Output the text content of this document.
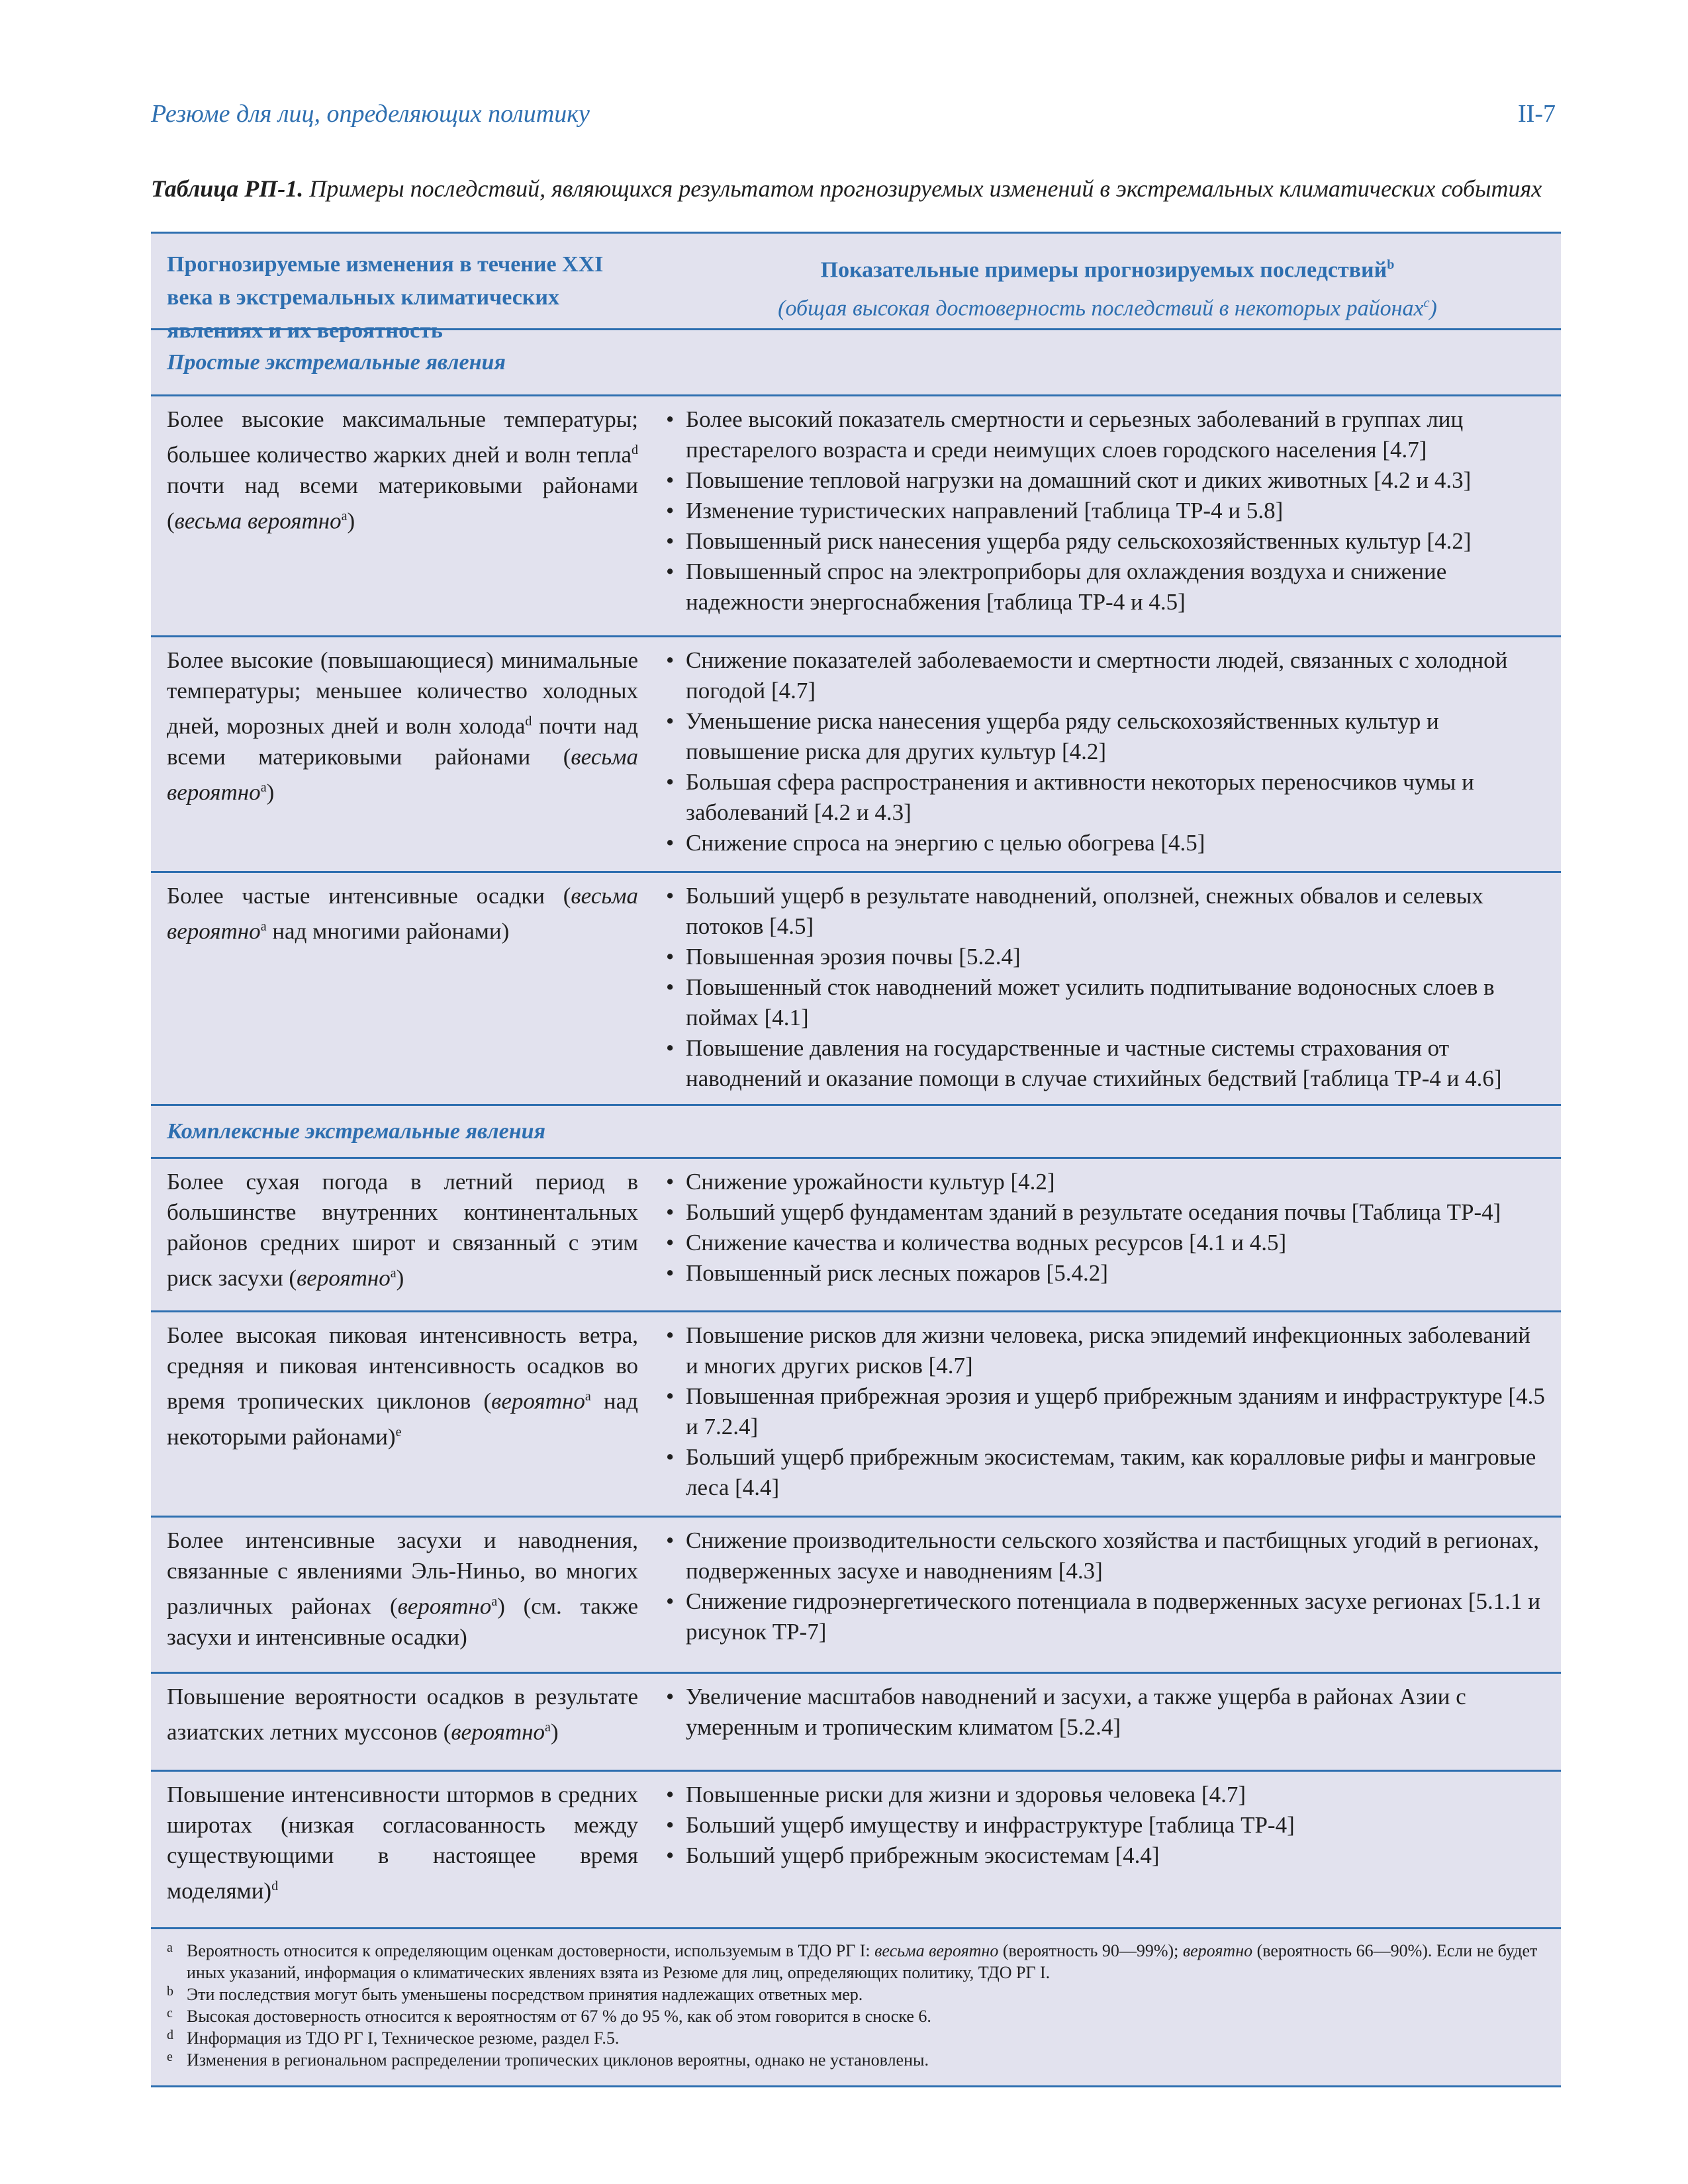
Резюме для лиц, определяющих политику	II-7
Таблица РП-1. Примеры последствий, являющихся результатом прогнозируемых изменений в экстремальных климатических событиях
Прогнозируемые изменения в течение XXI века в экстремальных климатических явлениях и их вероятность
Показательные примеры прогнозируемых последствий$^b$
(общая высокая достоверность последствий в некоторых районах$^c$)
Простые экстремальные явления
Более высокие максимальные температуры; большее количество жарких дней и волн тепла$^d$ почти над всеми материковыми районами (весьма вероятно$^a$)
• Более высокий показатель смертности и серьезных заболеваний в группах лиц престарелого возраста и среди неимущих слоев городского населения [4.7]
• Повышение тепловой нагрузки на домашний скот и диких животных [4.2 и 4.3]
• Изменение туристических направлений [таблица ТР-4 и 5.8]
• Повышенный риск нанесения ущерба ряду сельскохозяйственных культур [4.2]
• Повышенный спрос на электроприборы для охлаждения воздуха и снижение надежности энергоснабжения [таблица ТР-4 и 4.5]
Более высокие (повышающиеся) минимальные температуры; меньшее количество холодных дней, морозных дней и волн холода$^d$ почти над всеми материковыми районами (весьма вероятно$^a$)
• Снижение показателей заболеваемости и смертности людей, связанных с холодной погодой [4.7]
• Уменьшение риска нанесения ущерба ряду сельскохозяйственных культур и повышение риска для других культур [4.2]
• Большая сфера распространения и активности некоторых переносчиков чумы и заболеваний [4.2 и 4.3]
• Снижение спроса на энергию с целью обогрева [4.5]
Более частые интенсивные осадки (весьма вероятно$^a$ над многими районами)
• Больший ущерб в результате наводнений, оползней, снежных обвалов и селевых потоков [4.5]
• Повышенная эрозия почвы [5.2.4]
• Повышенный сток наводнений может усилить подпитывание водоносных слоев в поймах [4.1]
• Повышение давления на государственные и частные системы страхования от наводнений и оказание помощи в случае стихийных бедствий [таблица ТР-4 и 4.6]
Комплексные экстремальные явления
Более сухая погода в летний период в большинстве внутренних континентальных районов средних широт и связанный с этим риск засухи (вероятно$^a$)
• Снижение урожайности культур [4.2]
• Больший ущерб фундаментам зданий в результате оседания почвы [Таблица ТР-4]
• Снижение качества и количества водных ресурсов [4.1 и 4.5]
• Повышенный риск лесных пожаров [5.4.2]
Более высокая пиковая интенсивность ветра, средняя и пиковая интенсивность осадков во время тропических циклонов (вероятно$^a$ над некоторыми районами)$^e$
• Повышение рисков для жизни человека, риска эпидемий инфекционных заболеваний и многих других рисков [4.7]
• Повышенная прибрежная эрозия и ущерб прибрежным зданиям и инфраструктуре [4.5 и 7.2.4]
• Больший ущерб прибрежным экосистемам, таким, как коралловые рифы и мангровые леса [4.4]
Более интенсивные засухи и наводнения, связанные с явлениями Эль-Ниньо, во многих различных районах (вероятно$^a$) (см. также засухи и интенсивные осадки)
• Снижение производительности сельского хозяйства и пастбищных угодий в регионах, подверженных засухе и наводнениям [4.3]
• Снижение гидроэнергетического потенциала в подверженных засухе регионах [5.1.1 и рисунок ТР-7]
Повышение вероятности осадков в результате азиатских летних муссонов (вероятно$^a$)
• Увеличение масштабов наводнений и засухи, а также ущерба в районах Азии с умеренным и тропическим климатом [5.2.4]
Повышение интенсивности штормов в средних широтах (низкая согласованность между существующими в настоящее время моделями)$^d$
• Повышенные риски для жизни и здоровья человека [4.7]
• Больший ущерб имуществу и инфраструктуре [таблица ТР-4]
• Больший ущерб прибрежным экосистемам [4.4]
a Вероятность относится к определяющим оценкам достоверности, используемым в ТДО РГ I: весьма вероятно (вероятность 90—99%); вероятно (вероятность 66—90%). Если не будет иных указаний, информация о климатических явлениях взята из Резюме для лиц, определяющих политику, ТДО РГ I.
b Эти последствия могут быть уменьшены посредством принятия надлежащих ответных мер.
c Высокая достоверность относится к вероятностям от 67 % до 95 %, как об этом говорится в сноске 6.
d Информация из ТДО РГ I, Техническое резюме, раздел F.5.
e Изменения в региональном распределении тропических циклонов вероятны, однако не установлены.
